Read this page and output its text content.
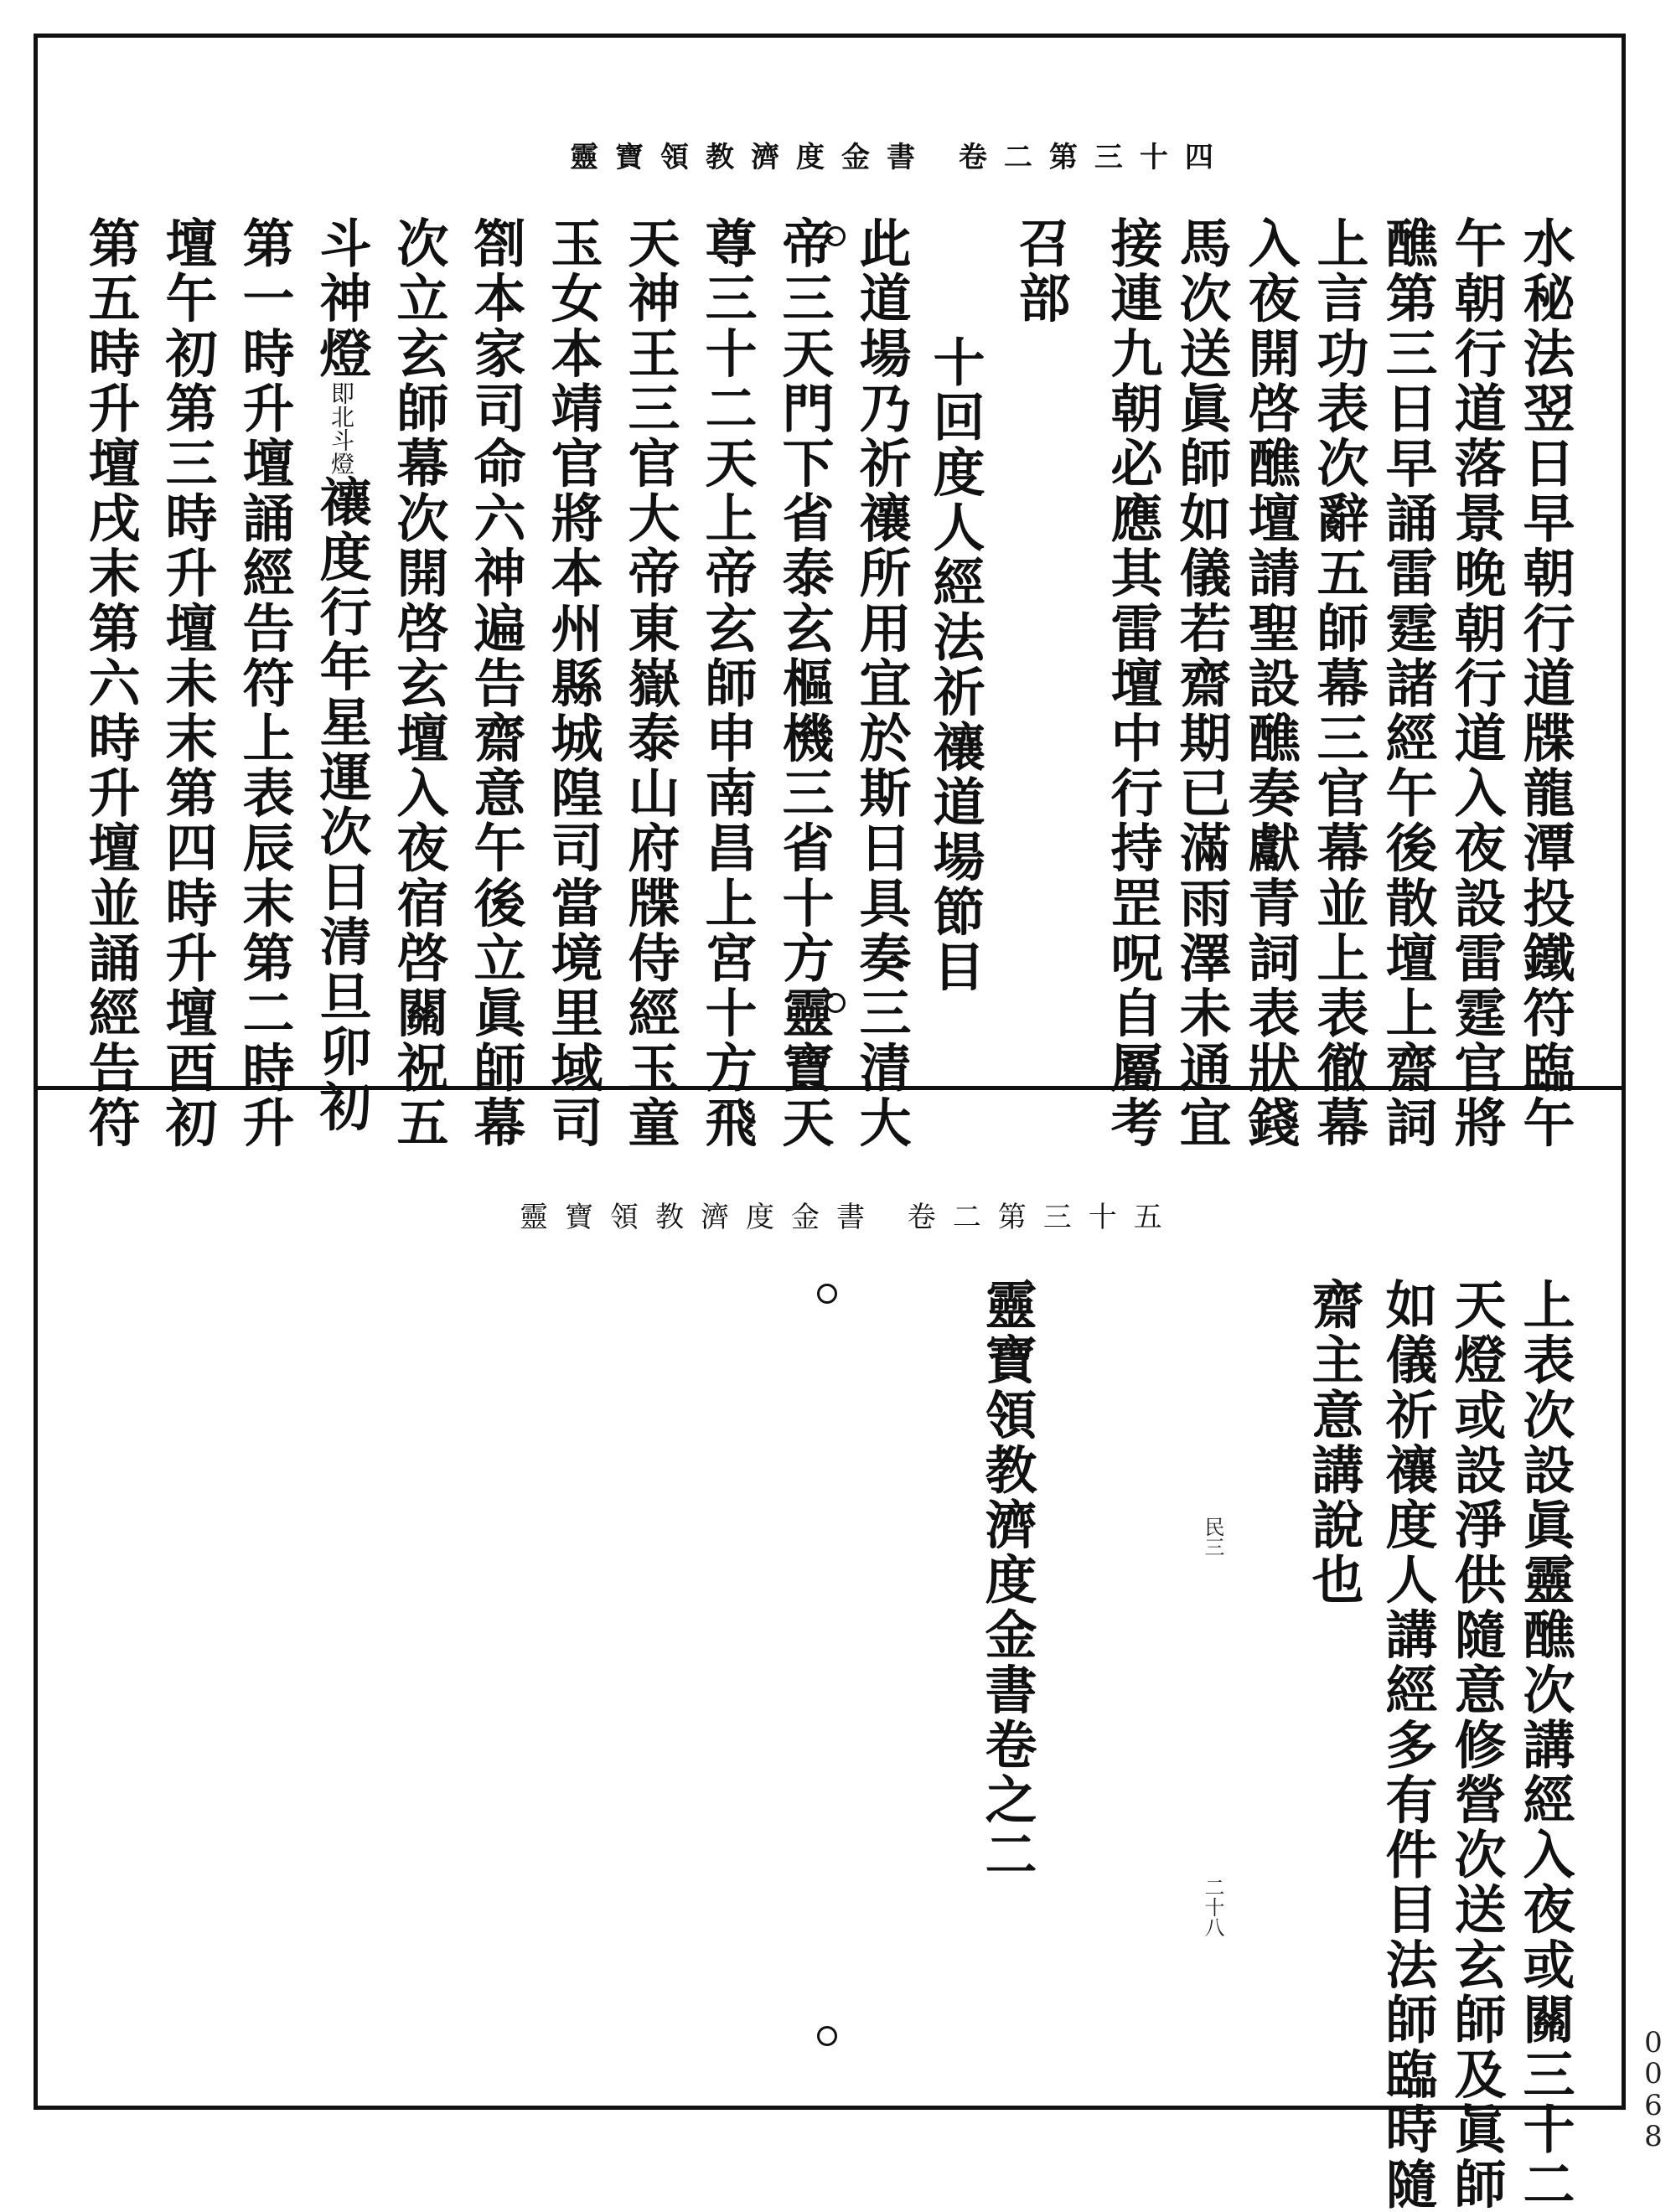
靈寶領教濟度金書 卷二第三十四
水秘法翌日早朝行道牒龍潭投鐵符臨午
午朝行道落景晚朝行道入夜設雷霆官將
醮第三日早誦雷霆諸經午後散壇上齋詞
上言功表次辭五師幕三官幕並上表徹幕
入夜開啓醮壇請聖設醮奏獻青詞表狀錢
馬次送眞師如儀若齋期已滿雨澤未通宜
接連九朝必應其雷壇中行持罡呪自屬考
召部
十回度人經法祈禳道場節目
此道場乃祈禳所用宜於斯日具奏三清大
帝三天門下省泰玄樞機三省十方靈寶天
尊三十二天上帝玄師申南昌上宮十方飛
天神王三官大帝東嶽泰山府牒侍經玉童
玉女本靖官將本州縣城隍司當境里域司
劄本家司命六神遍告齋意午後立眞師幕
次立玄師幕次開啓玄壇入夜宿啓關祝五
斗神燈即北斗燈禳度行年星運次日清旦卯初
第一時升壇誦經告符上表辰末第二時升
壇午初第三時升壇未末第四時升壇酉初
第五時升壇戌末第六時升壇並誦經告符
靈寶領教濟度金書 卷二第三十五
上表次設眞靈醮次講經入夜或關三十二
天燈或設淨供隨意修營次送玄師及眞師
如儀祈禳度人講經多有件目法師臨時隨
齋主意講說也
靈寶領教濟度金書卷之二	民三
二十八
0068
